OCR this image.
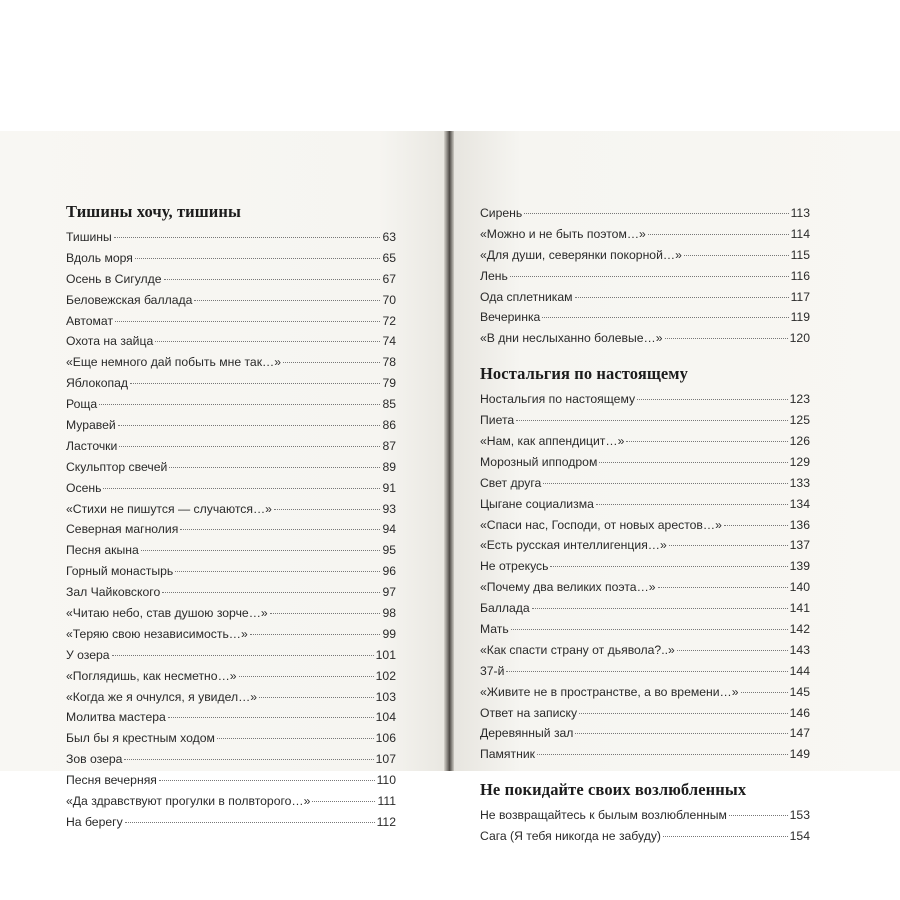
Тишины хочу, тишины
Тишины	63
Вдоль моря	65
Осень в Сигулде	67
Беловежская баллада	70
Автомат	72
Охота на зайца	74
«Еще немного дай побыть мне так…»	78
Яблокопад	79
Роща	85
Муравей	86
Ласточки	87
Скульптор свечей	89
Осень	91
«Стихи не пишутся — случаются…»	93
Северная магнолия	94
Песня акына	95
Горный монастырь	96
Зал Чайковского	97
«Читаю небо, став душою зорче…»	98
«Теряю свою независимость…»	99
У озера	101
«Поглядишь, как несметно…»	102
«Когда же я очнулся, я увидел…»	103
Молитва мастера	104
Был бы я крестным ходом	106
Зов озера	107
Песня вечерняя	110
«Да здравствуют прогулки в полвторого…»	111
На берегу	112
Сирень	113
«Можно и не быть поэтом…»	114
«Для души, северянки покорной…»	115
Лень	116
Ода сплетникам	117
Вечеринка	119
«В дни неслыханно болевые…»	120
Ностальгия по настоящему
Ностальгия по настоящему	123
Пиета	125
«Нам, как аппендицит…»	126
Морозный ипподром	129
Свет друга	133
Цыгане социализма	134
«Спаси нас, Господи, от новых арестов…»	136
«Есть русская интеллигенция…»	137
Не отрекусь	139
«Почему два великих поэта…»	140
Баллада	141
Мать	142
«Как спасти страну от дьявола?..»	143
37-й	144
«Живите не в пространстве, а во времени…»	145
Ответ на записку	146
Деревянный зал	147
Памятник	149
Не покидайте своих возлюбленных
Не возвращайтесь к былым возлюбленным	153
Сага (Я тебя никогда не забуду)	154
